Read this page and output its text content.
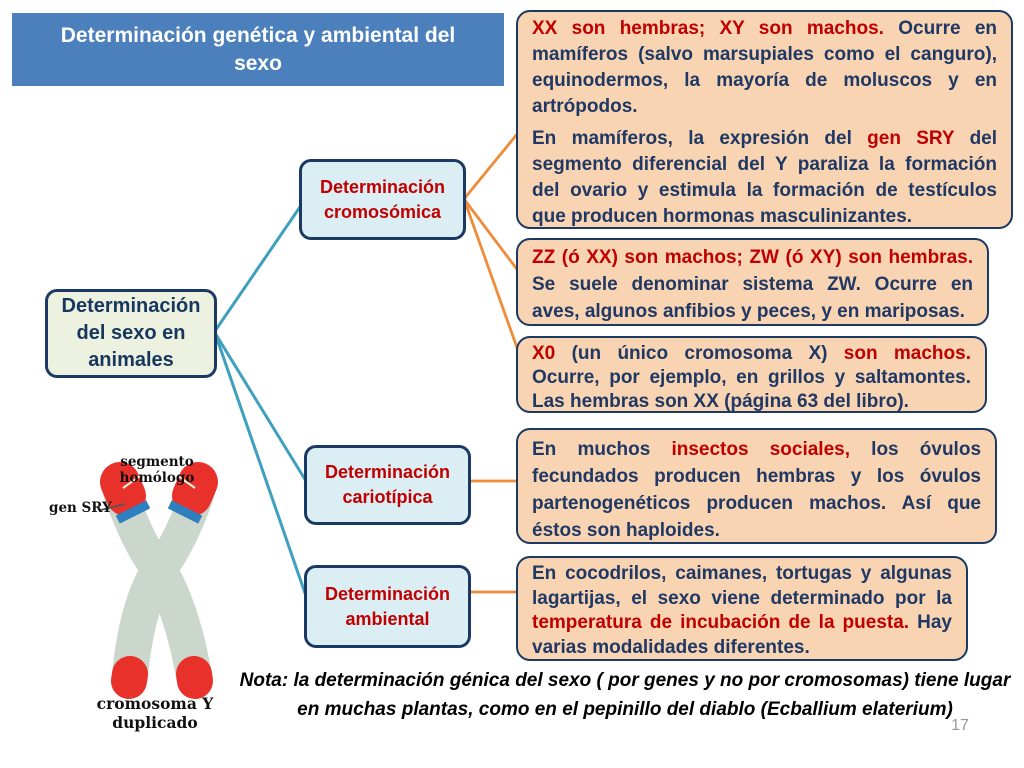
Determinación genética y ambiental del sexo
Determinación del sexo en animales
Determinación cromosómica
Determinación cariotípica
Determinación ambiental

XX son hembras; XY son machos. Ocurre en mamíferos (salvo marsupiales como el canguro), equinodermos, la mayoría de moluscos y en artrópodos.

En mamíferos, la expresión del gen SRY del segmento diferencial del Y paraliza la formación del ovario y estimula la formación de testículos que producen hormonas masculinizantes.

ZZ (ó XX) son machos; ZW (ó XY) son hembras. Se suele denominar sistema ZW. Ocurre en aves, algunos anfibios y peces, y en mariposas.

X0 (un único cromosoma X) son machos. Ocurre, por ejemplo, en grillos y saltamontes. Las hembras son XX (página 63 del libro).

En muchos insectos sociales, los óvulos fecundados producen hembras y los óvulos partenogenéticos producen machos. Así que éstos son haploides.

En cocodrilos, caimanes, tortugas y algunas lagartijas, el sexo viene determinado por la temperatura de incubación de la puesta. Hay varias modalidades diferentes.

segmento homólogo
gen SRY
cromosoma Y duplicado
Nota: la determinación génica del sexo ( por genes y no por cromosomas) tiene lugar en muchas plantas, como en el pepinillo del diablo (Ecballium elaterium)
17
